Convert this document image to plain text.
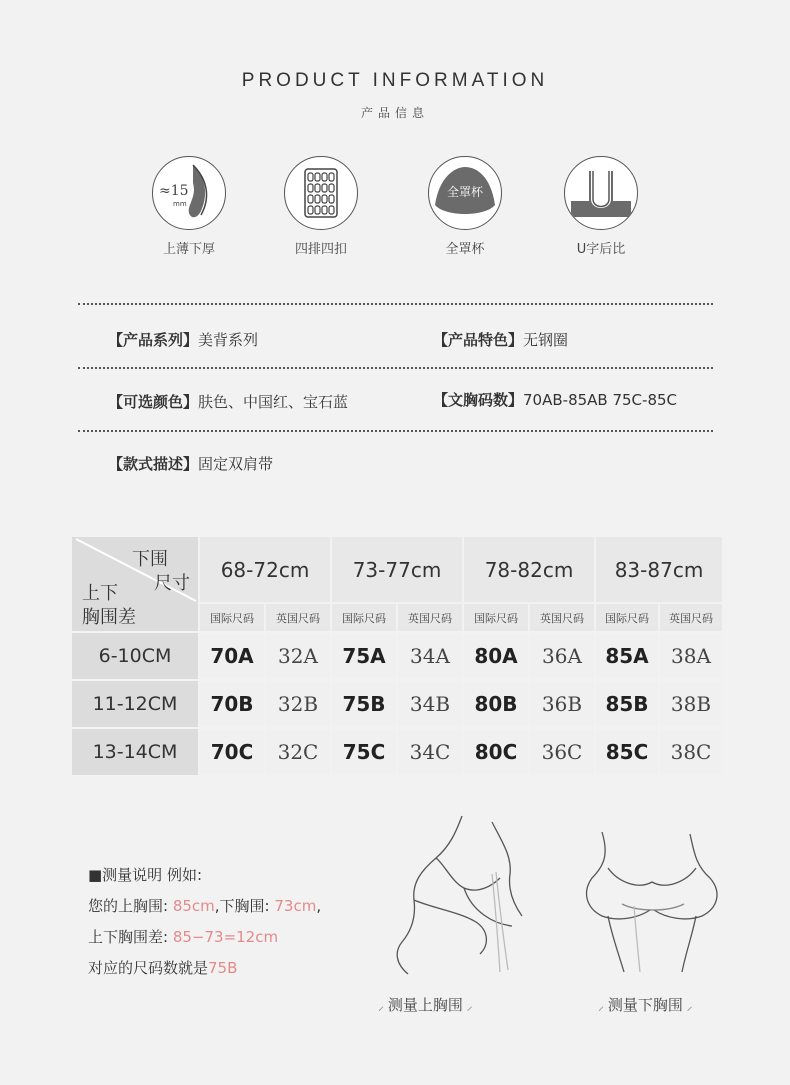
PRODUCT INFORMATION
产品信息
≈15
mm
上薄下厚	四排四扣
全罩杯
全罩杯	U字后比
【产品系列】美背系列	【产品特色】无钢圈
【可选颜色】肤色、中国红、宝石蓝	【文胸码数】70AB-85AB 75C-85C
【款式描述】固定双肩带
下围
尺寸
上下
胸围差	68-72cm		73-77cm		78-82cm		83-87cm	
	国际尺码	英国尺码	国际尺码	英国尺码	国际尺码	英国尺码	国际尺码	英国尺码
6-10CM	70A	32A	75A	34A	80A	36A	85A	38A
11-12CM	70B	32B	75B	34B	80B	36B	85B	38B
13-14CM	70C	32C	75C	34C	80C	36C	85C	38C
■测量说明 例如:
您的上胸围: 85cm,下胸围: 73cm,
上下胸围差: 85−73=12cm
对应的尺码数就是75B
⸝ 测量上胸围 ⸝	⸝ 测量下胸围 ⸝
